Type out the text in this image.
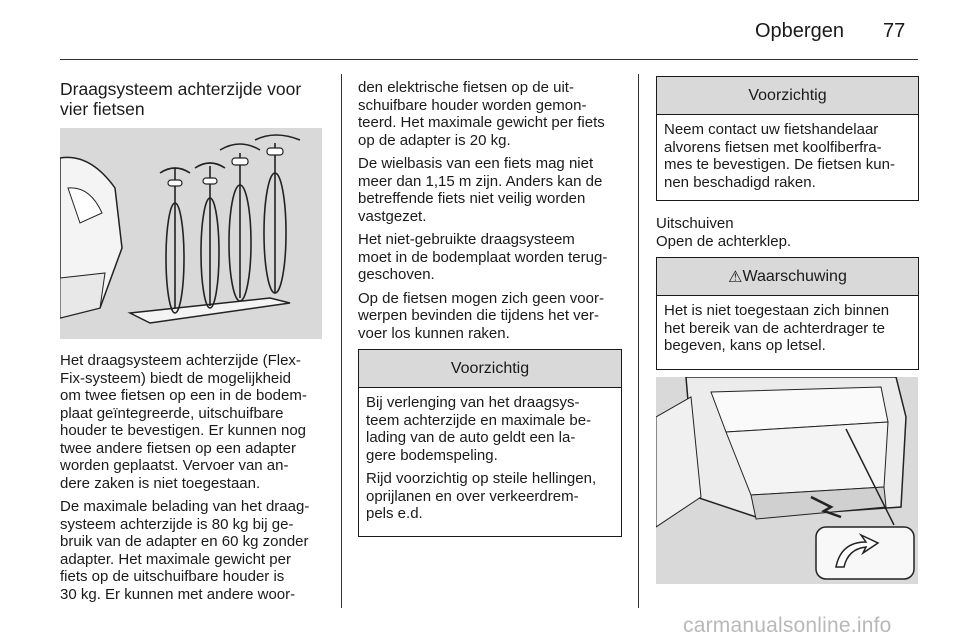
Opbergen 77
Draagsysteem achterzijde voor
vier fietsen

Het draagsysteem achterzijde (Flex-
Fix-systeem) biedt de mogelijkheid
om twee fietsen op een in de bodem-
plaat geïntegreerde, uitschuifbare
houder te bevestigen. Er kunnen nog
twee andere fietsen op een adapter
worden geplaatst. Vervoer van an-
dere zaken is niet toegestaan.

De maximale belading van het draag-
systeem achterzijde is 80 kg bij ge-
bruik van de adapter en 60 kg zonder
adapter. Het maximale gewicht per
fiets op de uitschuifbare houder is
30 kg. Er kunnen met andere woor-

den elektrische fietsen op de uit-
schuifbare houder worden gemon-
teerd. Het maximale gewicht per fiets
op de adapter is 20 kg.

De wielbasis van een fiets mag niet
meer dan 1,15 m zijn. Anders kan de
betreffende fiets niet veilig worden
vastgezet.

Het niet-gebruikte draagsysteem
moet in de bodemplaat worden terug-
geschoven.

Op de fietsen mogen zich geen voor-
werpen bevinden die tijdens het ver-
voer los kunnen raken.

Voorzichtig

Bij verlenging van het draagsys-
teem achterzijde en maximale be-
lading van de auto geldt een la-
gere bodemspeling.

Rijd voorzichtig op steile hellingen,
oprijlanen en over verkeerdrem-
pels e.d.

Voorzichtig
Neem contact uw fietshandelaar
alvorens fietsen met koolfiberfra-
mes te bevestigen. De fietsen kun-
nen beschadigd raken.
Uitschuiven
Open de achterklep.
⚠ Waarschuwing
Het is niet toegestaan zich binnen
het bereik van de achterdrager te
begeven, kans op letsel.
carmanualsonline.info
